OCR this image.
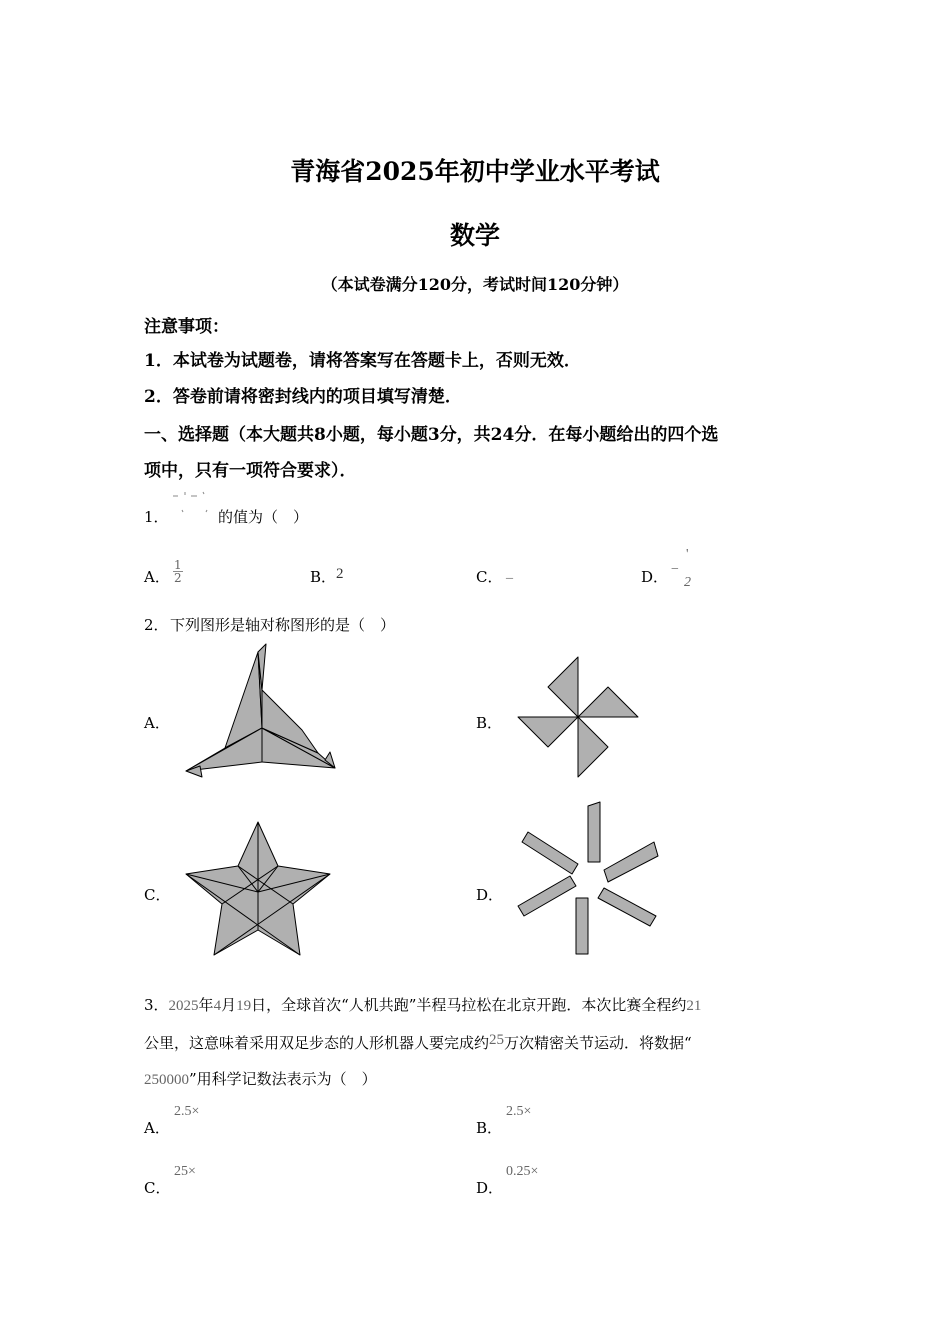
青海省2025年初中学业水平考试
数学
（本试卷满分120分，考试时间120分钟）
注意事项：
1．本试卷为试题卷，请将答案写在答题卡上，否则无效．
2．答卷前请将密封线内的项目填写清楚．
一、选择题（本大题共8小题，每小题3分，共24分．在每小题给出的四个选
项中，只有一项符合要求）．
1．	的值为（　）
A． $\frac{1}{2}$	B． 2	C． _	D． −
'
2
2． 下列图形是轴对称图形的是（　）
A．	B．
C．	D．
3．2025年4月19日，全球首次“人机共跑”半程马拉松在北京开跑．本次比赛全程约21
公里，这意味着采用双足步态的人形机器人要完成约25万次精密关节运动．将数据“
250000”用科学记数法表示为（　）
A．
2.5×
B．
2.5×
C．
25×
D．
0.25×
